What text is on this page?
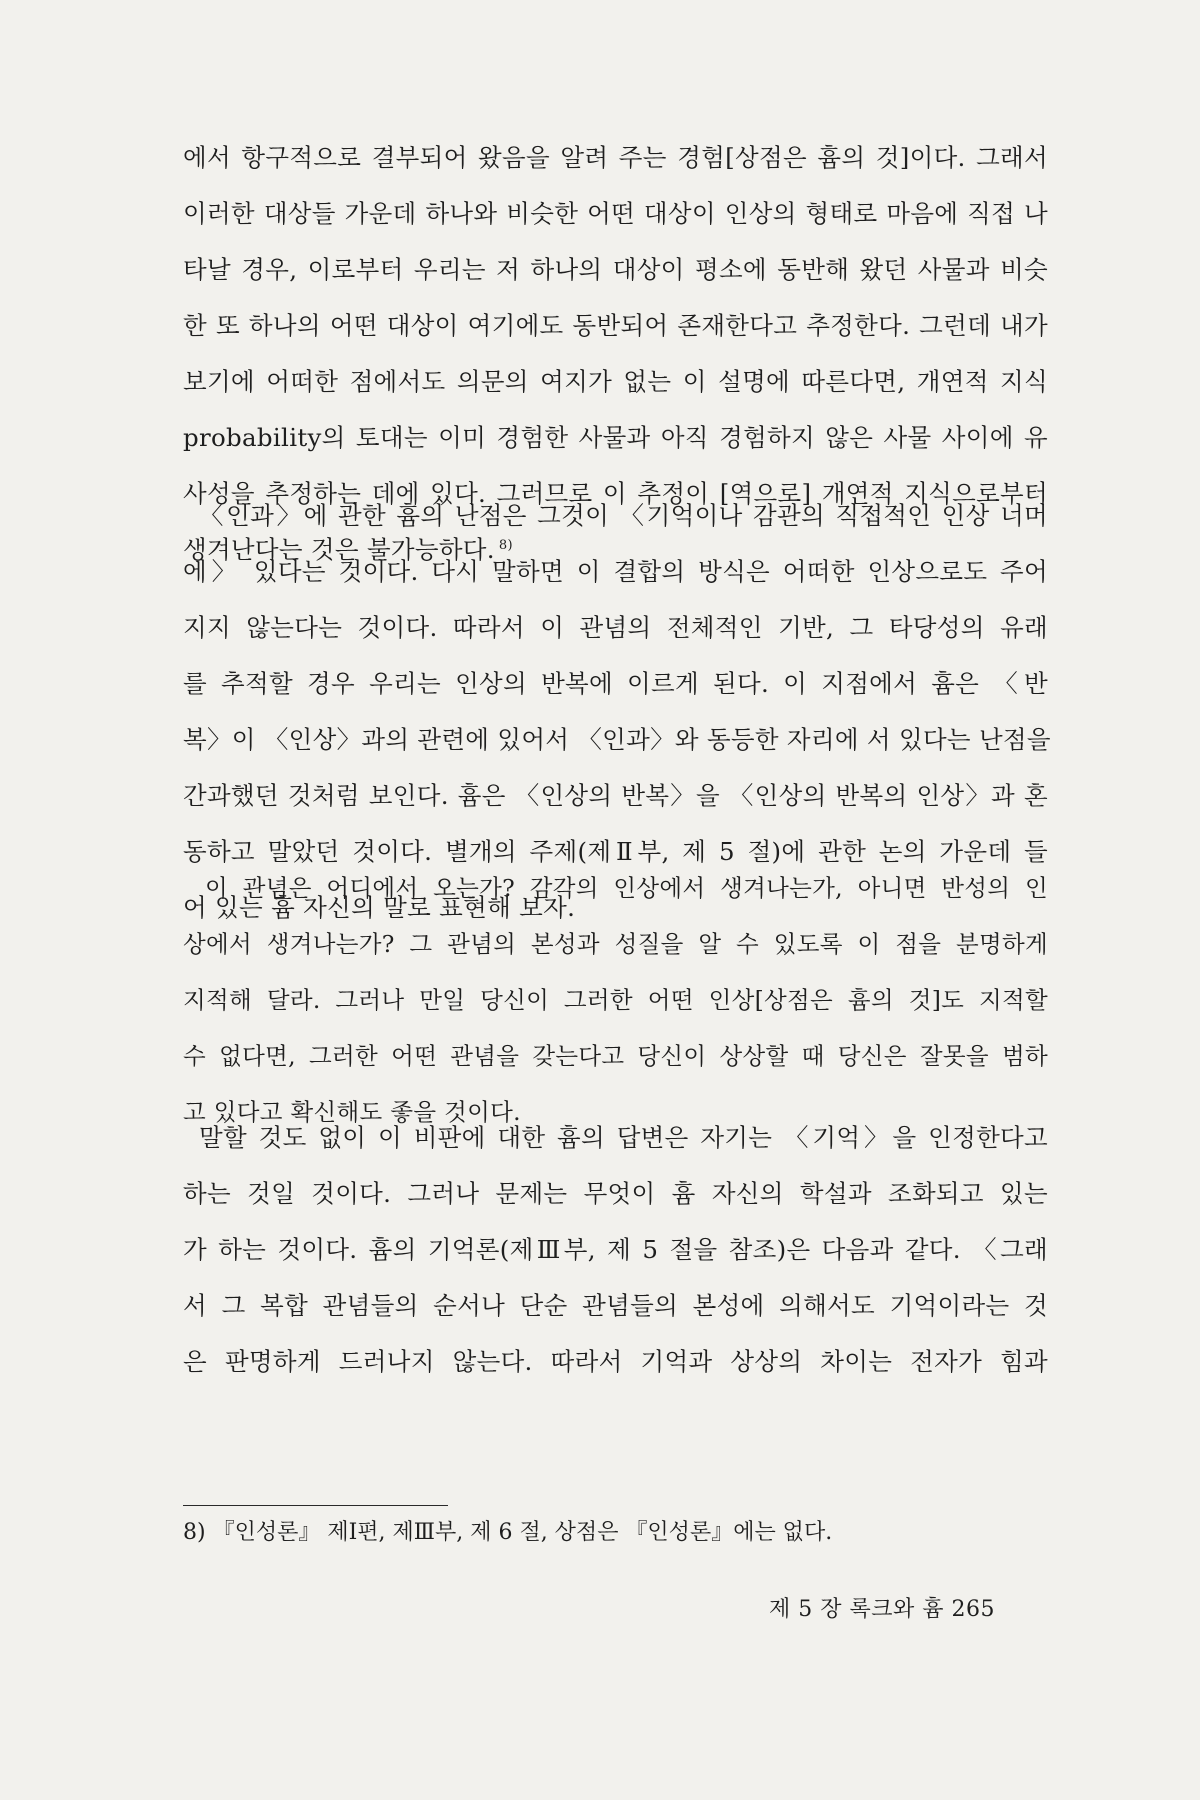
에서 항구적으로 결부되어 왔음을 알려 주는 경험[상점은 흄의 것]이다. 그래서
이러한 대상들 가운데 하나와 비슷한 어떤 대상이 인상의 형태로 마음에 직접 나
타날 경우, 이로부터 우리는 저 하나의 대상이 평소에 동반해 왔던 사물과 비슷
한 또 하나의 어떤 대상이 여기에도 동반되어 존재한다고 추정한다. 그런데 내가
보기에 어떠한 점에서도 의문의 여지가 없는 이 설명에 따른다면, 개연적 지식
probability의 토대는 이미 경험한 사물과 아직 경험하지 않은 사물 사이에 유
사성을 추정하는 데에 있다. 그러므로 이 추정이 [역으로] 개연적 지식으로부터
생겨난다는 것은 불가능하다. $^{8)}$
〈인과〉에 관한 흄의 난점은 그것이 〈기억이나 감관의 직접적인 인상 너머
에〉 있다는 것이다. 다시 말하면 이 결합의 방식은 어떠한 인상으로도 주어
지지 않는다는 것이다. 따라서 이 관념의 전체적인 기반, 그 타당성의 유래
를 추적할 경우 우리는 인상의 반복에 이르게 된다. 이 지점에서 흄은 〈반
복〉이 〈인상〉과의 관련에 있어서 〈인과〉와 동등한 자리에 서 있다는 난점을
간과했던 것처럼 보인다. 흄은 〈인상의 반복〉을 〈인상의 반복의 인상〉과 혼
동하고 말았던 것이다. 별개의 주제(제Ⅱ부, 제 5 절)에 관한 논의 가운데 들
어 있는 흄 자신의 말로 표현해 보자.
이 관념은 어디에서 오는가? 감각의 인상에서 생겨나는가, 아니면 반성의 인
상에서 생겨나는가? 그 관념의 본성과 성질을 알 수 있도록 이 점을 분명하게
지적해 달라. 그러나 만일 당신이 그러한 어떤 인상[상점은 흄의 것]도 지적할
수 없다면, 그러한 어떤 관념을 갖는다고 당신이 상상할 때 당신은 잘못을 범하
고 있다고 확신해도 좋을 것이다.
말할 것도 없이 이 비판에 대한 흄의 답변은 자기는 〈기억〉을 인정한다고
하는 것일 것이다. 그러나 문제는 무엇이 흄 자신의 학설과 조화되고 있는
가 하는 것이다. 흄의 기억론(제Ⅲ부, 제 5 절을 참조)은 다음과 같다. 〈그래
서 그 복합 관념들의 순서나 단순 관념들의 본성에 의해서도 기억이라는 것
은 판명하게 드러나지 않는다. 따라서 기억과 상상의 차이는 전자가 힘과
8) 『인성론』 제Ⅰ편, 제Ⅲ부, 제 6 절, 상점은 『인성론』에는 없다.
제 5 장 록크와 흄 265
